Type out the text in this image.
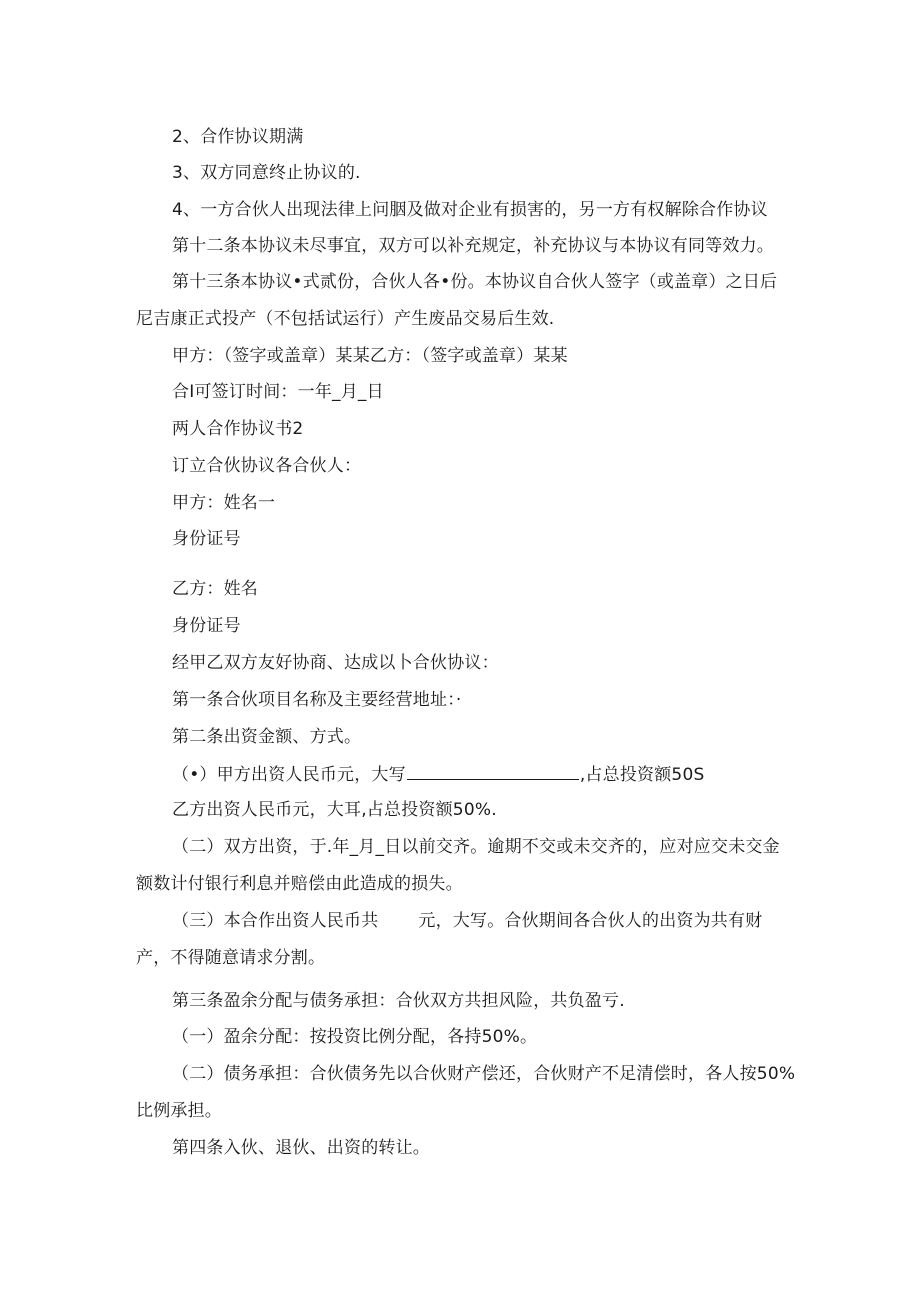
2、合作协议期满
3、双方同意终止协议的.
4、一方合伙人出现法律上问胭及做对企业有损害的，另一方有权解除合作协议
第十二条本协议未尽事宜，双方可以补充规定，补充协议与本协议有同等效力。
第十三条本协议•式贰份，合伙人各•份。本协议自合伙人签字（或盖章）之日后
尼吉康正式投产（不包括试运行）产生废品交易后生效.
甲方：（签字或盖章）某某乙方：（签字或盖章）某某
合I可签订时间：一年_月_日
两人合作协议书2
订立合伙协议各合伙人：
甲方：姓名一
身份证号
乙方：姓名
身份证号
经甲乙双方友好协商、达成以卜合伙协议：
第一条合伙项目名称及主要经营地址：·
第二条出资金额、方式。
（•）甲方出资人民币元，大写	,占总投资额50S
乙方出资人民币元，大耳,占总投资额50%.
（二）双方出资，于.年_月_日以前交齐。逾期不交或未交齐的，应对应交未交金
额数计付银行利息并赔偿由此造成的损失。
（三）本合作出资人民币共 元，大写。合伙期间各合伙人的出资为共有财
产，不得随意请求分割。
第三条盈余分配与债务承担：合伙双方共担风险，共负盈亏.
（一）盈余分配：按投资比例分配，各持50%。
（二）债务承担：合伙债务先以合伙财产偿还，合伙财产不足清偿时，各人按50%
比例承担。
第四条入伙、退伙、出资的转让。
